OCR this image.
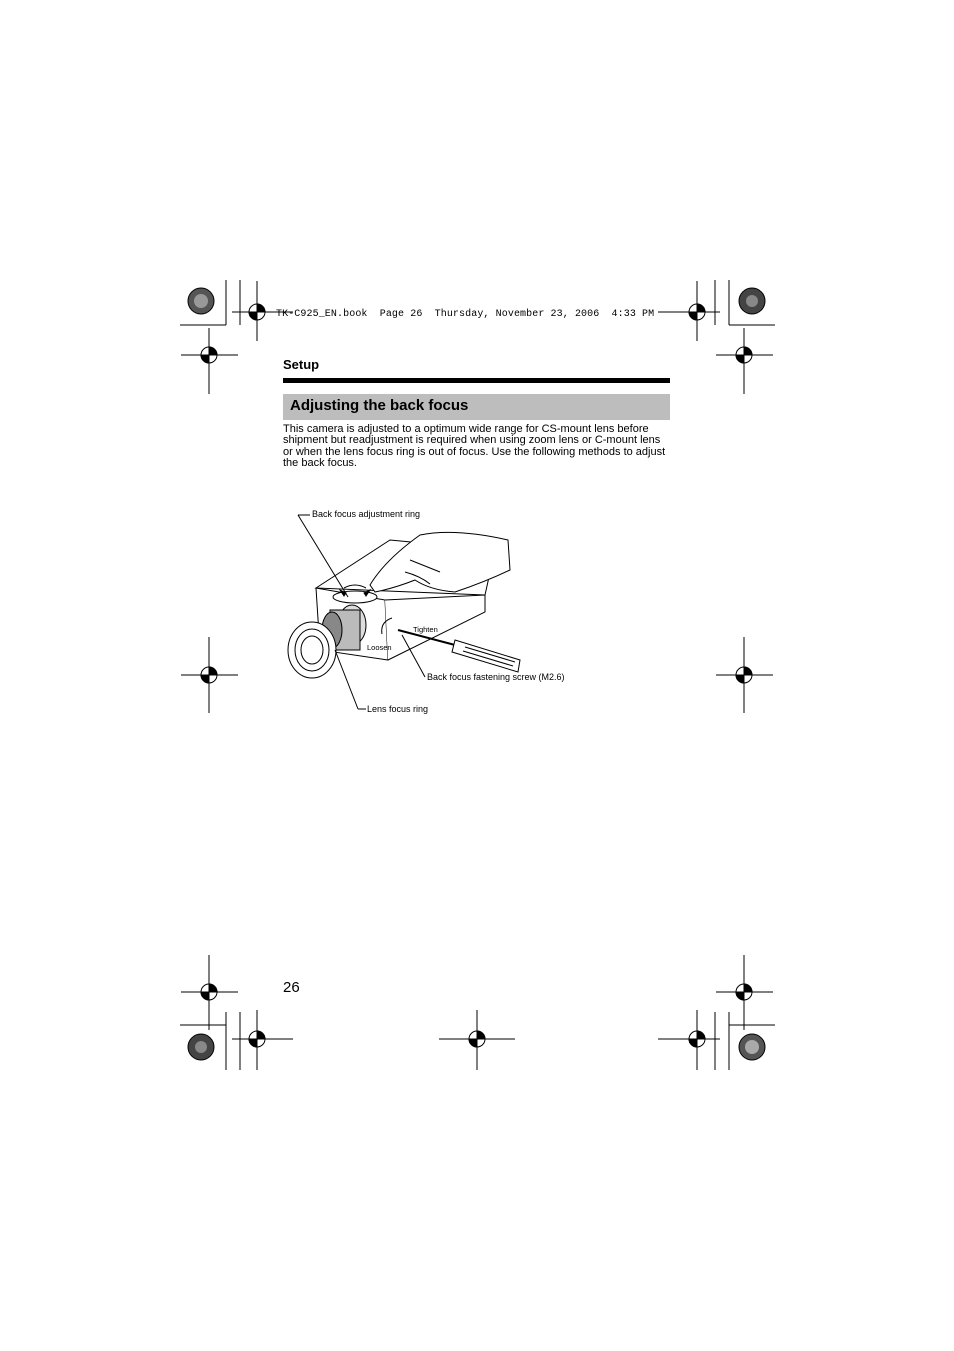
TK-C925_EN.book  Page 26  Thursday, November 23, 2006  4:33 PM
Setup
Adjusting the back focus
This camera is adjusted to a optimum wide range for CS-mount lens before shipment but readjustment is required when using zoom lens or C-mount lens or when the lens focus ring is out of focus. Use the following methods to adjust the back focus.
Back focus adjustment ring
Tighten
Loosen
Back focus fastening screw (M2.6)
Lens focus ring
26
